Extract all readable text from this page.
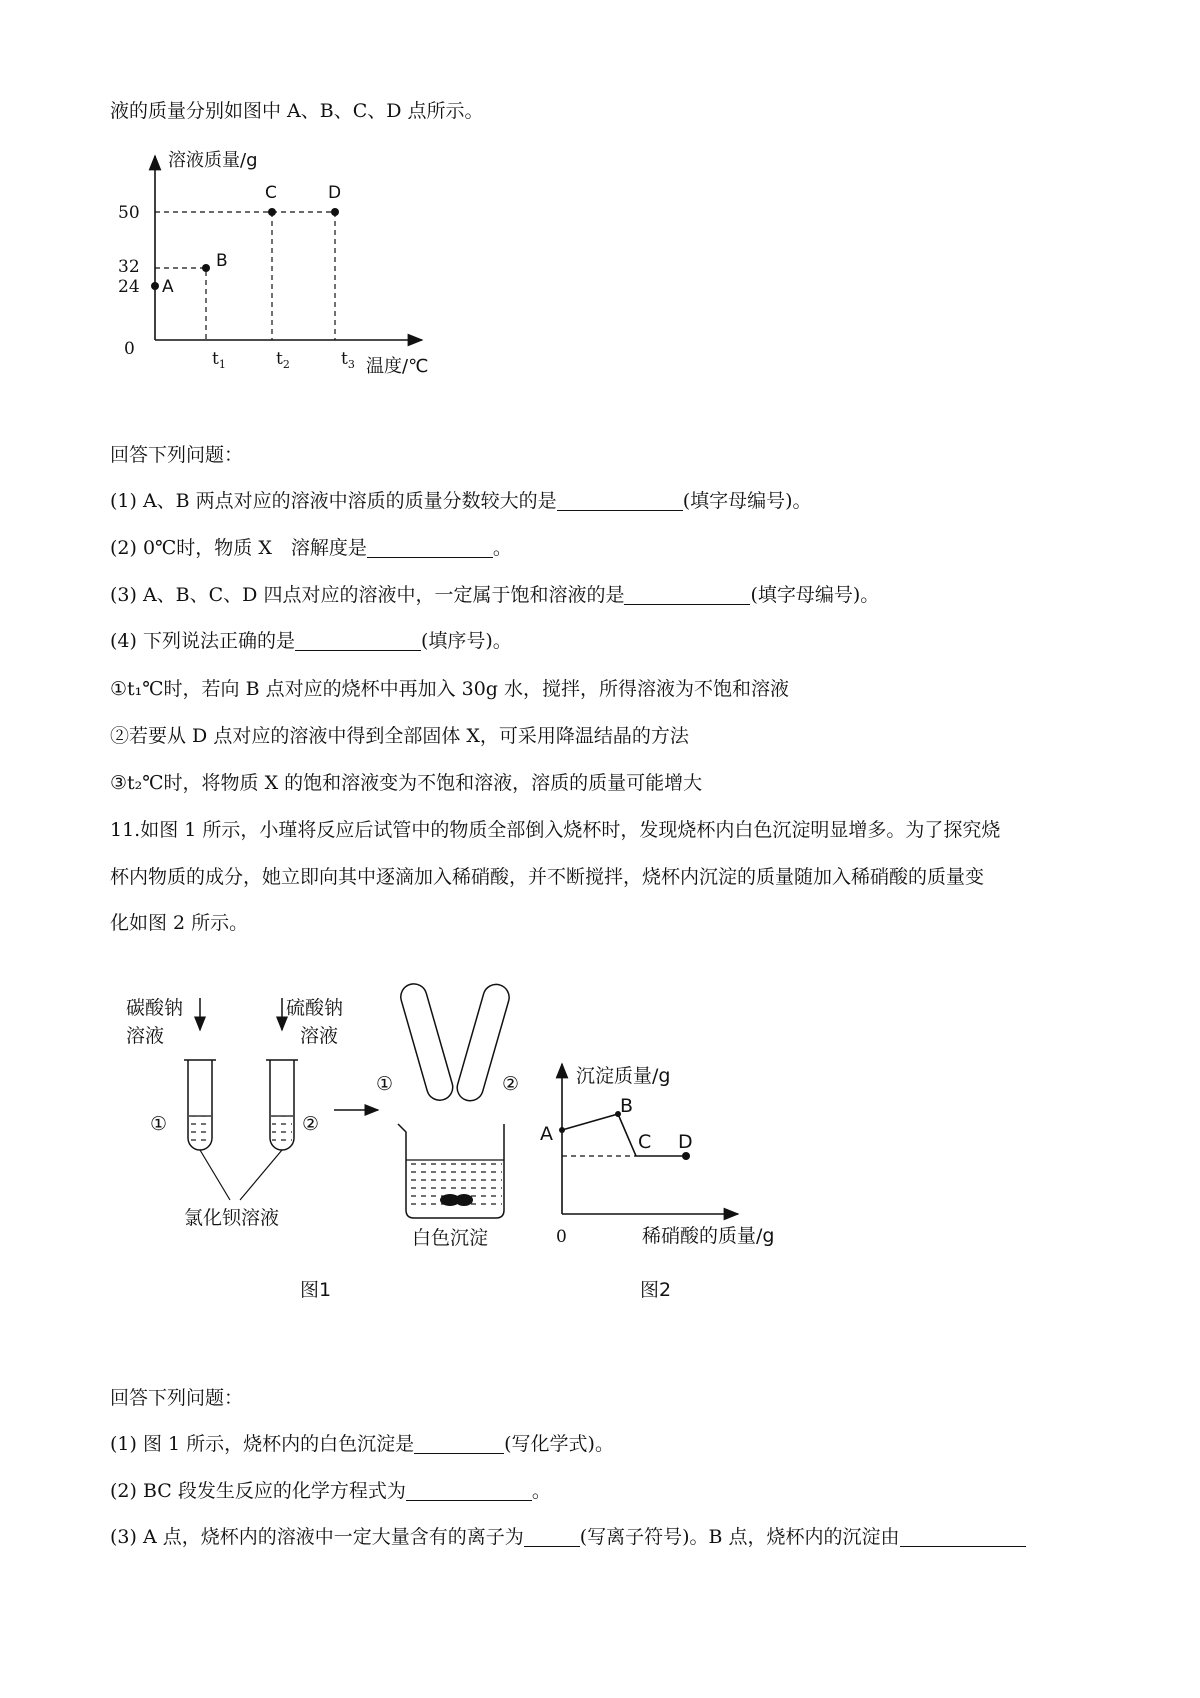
液的质量分别如图中 A、B、C、D 点所示。
溶液质量/g
温度/℃
0
50
32
24
$t_1$	$t_2$	$t_3$
A
B
C	D
回答下列问题：
(1) A、B 两点对应的溶液中溶质的质量分数较大的是	(填字母编号)。
(2) 0℃时，物质 X　溶解度是	。
(3) A、B、C、D 四点对应的溶液中，一定属于饱和溶液的是	(填字母编号)。
(4) 下列说法正确的是	(填序号)。
①t₁℃时，若向 B 点对应的烧杯中再加入 30g 水，搅拌，所得溶液为不饱和溶液
②若要从 D 点对应的溶液中得到全部固体 X，可采用降温结晶的方法
③t₂℃时，将物质 X 的饱和溶液变为不饱和溶液，溶质的质量可能增大
11.如图 1 所示，小瑾将反应后试管中的物质全部倒入烧杯时，发现烧杯内白色沉淀明显增多。为了探究烧
杯内物质的成分，她立即向其中逐滴加入稀硝酸，并不断搅拌，烧杯内沉淀的质量随加入稀硝酸的质量变
化如图 2 所示。
碳酸钠
溶液
硫酸钠
溶液
①	②
氯化钡溶液
①	②
白色沉淀
图1
沉淀质量/g
稀硝酸的质量/g
0
A
B
C D
图2
回答下列问题：
(1) 图 1 所示，烧杯内的白色沉淀是	(写化学式)。
(2) BC 段发生反应的化学方程式为	。
(3) A 点，烧杯内的溶液中一定大量含有的离子为	(写离子符号)。B 点，烧杯内的沉淀由
